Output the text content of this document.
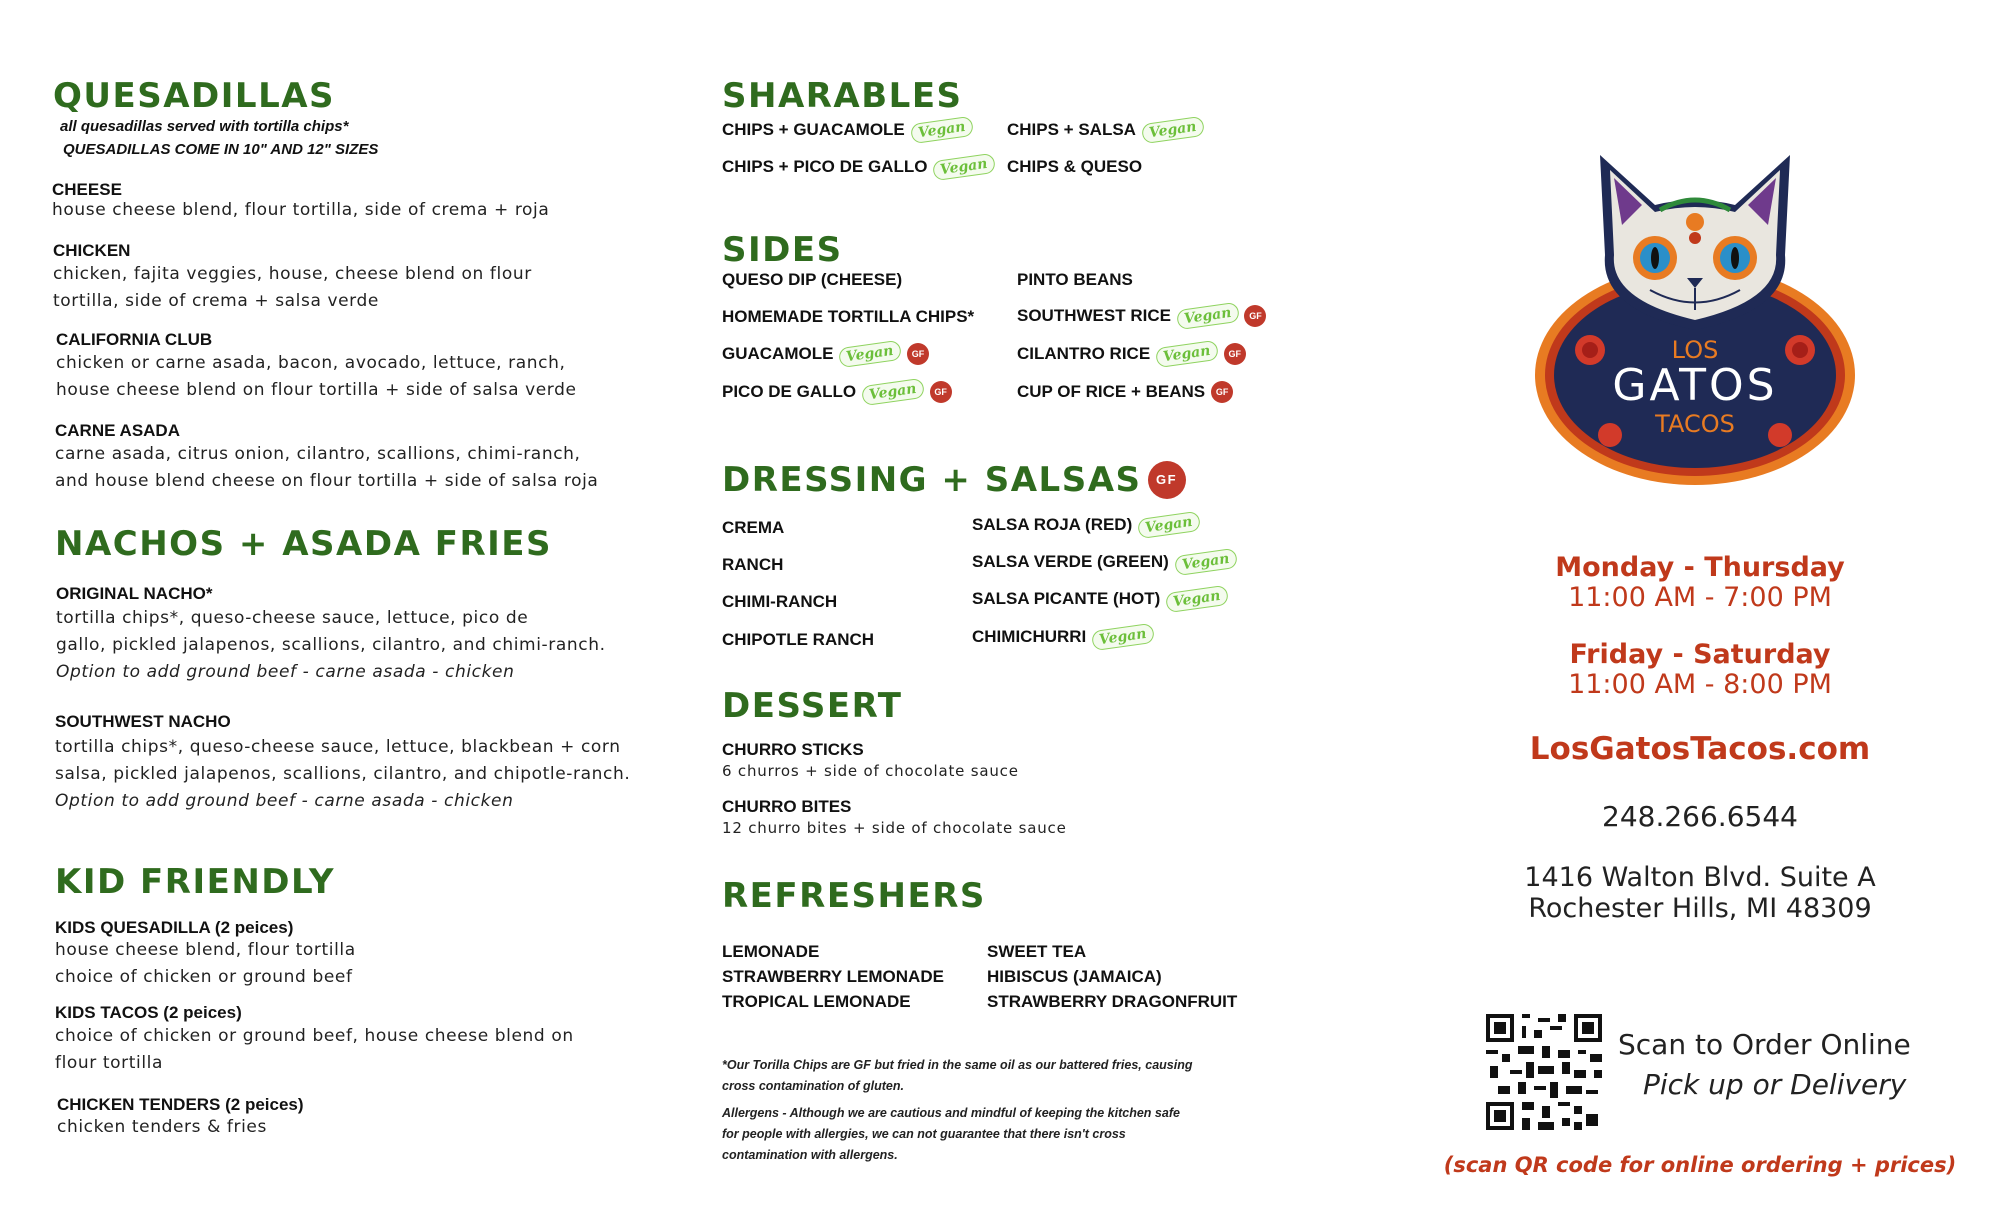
QUESADILLAS
all quesadillas served with tortilla chips*
QUESADILLAS COME IN 10" AND 12" SIZES
CHEESE
house cheese blend, flour tortilla, side of crema + roja
CHICKEN
chicken, fajita veggies, house, cheese blend on flour
tortilla, side of crema + salsa verde
CALIFORNIA CLUB
chicken or carne asada, bacon, avocado, lettuce, ranch,
house cheese blend on flour tortilla + side of salsa verde
CARNE ASADA
carne asada, citrus onion, cilantro, scallions, chimi-ranch,
and house blend cheese on flour tortilla + side of salsa roja
NACHOS + ASADA FRIES
ORIGINAL NACHO*
tortilla chips*, queso-cheese sauce, lettuce, pico de
gallo, pickled jalapenos, scallions, cilantro, and chimi-ranch.
Option to add ground beef - carne asada - chicken
SOUTHWEST NACHO
tortilla chips*, queso-cheese sauce, lettuce, blackbean + corn
salsa, pickled jalapenos, scallions, cilantro, and chipotle-ranch.
Option to add ground beef - carne asada - chicken
KID FRIENDLY
KIDS QUESADILLA (2 peices)
house cheese blend, flour tortilla
choice of chicken or ground beef
KIDS TACOS (2 peices)
choice of chicken or ground beef, house cheese blend on
flour tortilla
CHICKEN TENDERS (2 peices)
chicken tenders & fries
SHARABLES
CHIPS + GUACAMOLE Vegan	CHIPS + SALSA Vegan
CHIPS + PICO DE GALLO Vegan	CHIPS & QUESO
SIDES
QUESO DIP (CHEESE)	PINTO BEANS
HOMEMADE TORTILLA CHIPS*	SOUTHWEST RICE Vegan	GF
GUACAMOLE Vegan	GF	CILANTRO RICE Vegan	GF
PICO DE GALLO Vegan	GF	CUP OF RICE + BEANS	GF
DRESSING + SALSAS	GF
CREMA	SALSA ROJA (RED) Vegan
RANCH	SALSA VERDE (GREEN) Vegan
CHIMI-RANCH	SALSA PICANTE (HOT) Vegan
CHIPOTLE RANCH	CHIMICHURRI Vegan
DESSERT
CHURRO STICKS
6 churros + side of chocolate sauce
CHURRO BITES
12 churro bites + side of chocolate sauce
REFRESHERS
LEMONADE	SWEET TEA
STRAWBERRY LEMONADE	HIBISCUS (JAMAICA)
TROPICAL LEMONADE	STRAWBERRY DRAGONFRUIT
*Our Torilla Chips are GF but fried in the same oil as our battered fries, causing
cross contamination of gluten.
Allergens - Although we are cautious and mindful of keeping the kitchen safe
for people with allergies, we can not guarantee that there isn't cross
contamination with allergens.
LOS
GATOS
TACOS
Monday - Thursday
11:00 AM - 7:00 PM
Friday - Saturday
11:00 AM - 8:00 PM
LosGatosTacos.com
248.266.6544
1416 Walton Blvd. Suite A
Rochester Hills, MI 48309
Scan to Order Online
Pick up or Delivery
(scan QR code for online ordering + prices)
